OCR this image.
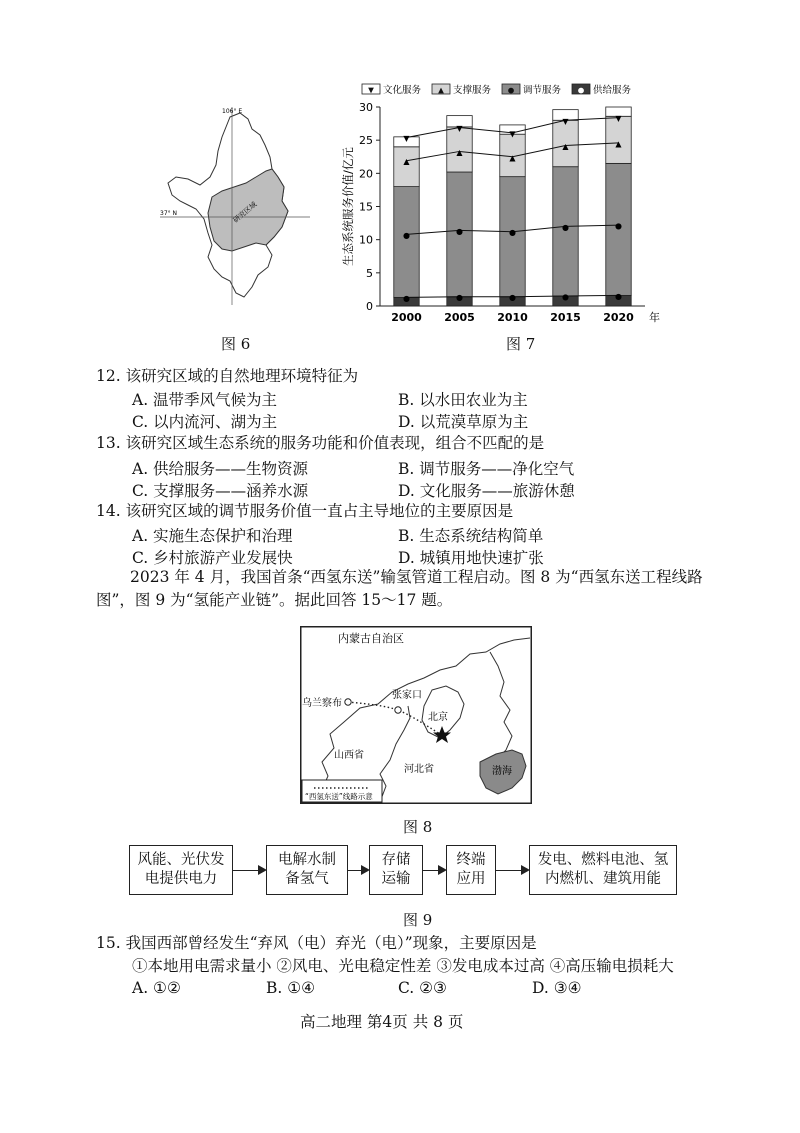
106° E
37° N	研究区域
图 6
0
5
10
15
20
25
30
生态系统服务价值/亿元
2000 2005 2010 2015 2020 年
●	●	●	●	●
●	●	●
●	●
▲
▲
▲
▲	▲
▼
▼
▼
▼	▼
▼ 文化服务 ▲ 支撑服务 ● 调节服务 ● 供给服务
图 7
12. 该研究区域的自然地理环境特征为
A. 温带季风气候为主	B. 以水田农业为主
C. 以内流河、湖为主	D. 以荒漠草原为主
13. 该研究区域生态系统的服务功能和价值表现，组合不匹配的是
A. 供给服务——生物资源	B. 调节服务——净化空气
C. 支撑服务——涵养水源	D. 文化服务——旅游休憩
14. 该研究区域的调节服务价值一直占主导地位的主要原因是
A. 实施生态保护和治理	B. 生态系统结构简单
C. 乡村旅游产业发展快	D. 城镇用地快速扩张
2023 年 4 月，我国首条“西氢东送”输氢管道工程启动。图 8 为“西氢东送工程线路
图”，图 9 为“氢能产业链”。据此回答 15～17 题。
内蒙古自治区
乌兰察布
张家口
北京
山西省
河北省	渤海
“西氢东送”线路示意
图 8
风能、光伏发
电提供电力
电解水制
备氢气
存储
运输
终端
应用
发电、燃料电池、氢
内燃机、建筑用能
图 9
15. 我国西部曾经发生“弃风（电）弃光（电）”现象，主要原因是
①本地用电需求量小 ②风电、光电稳定性差 ③发电成本过高 ④高压输电损耗大
A. ①②	B. ①④	C. ②③	D. ③④
高二地理 第4页 共 8 页
